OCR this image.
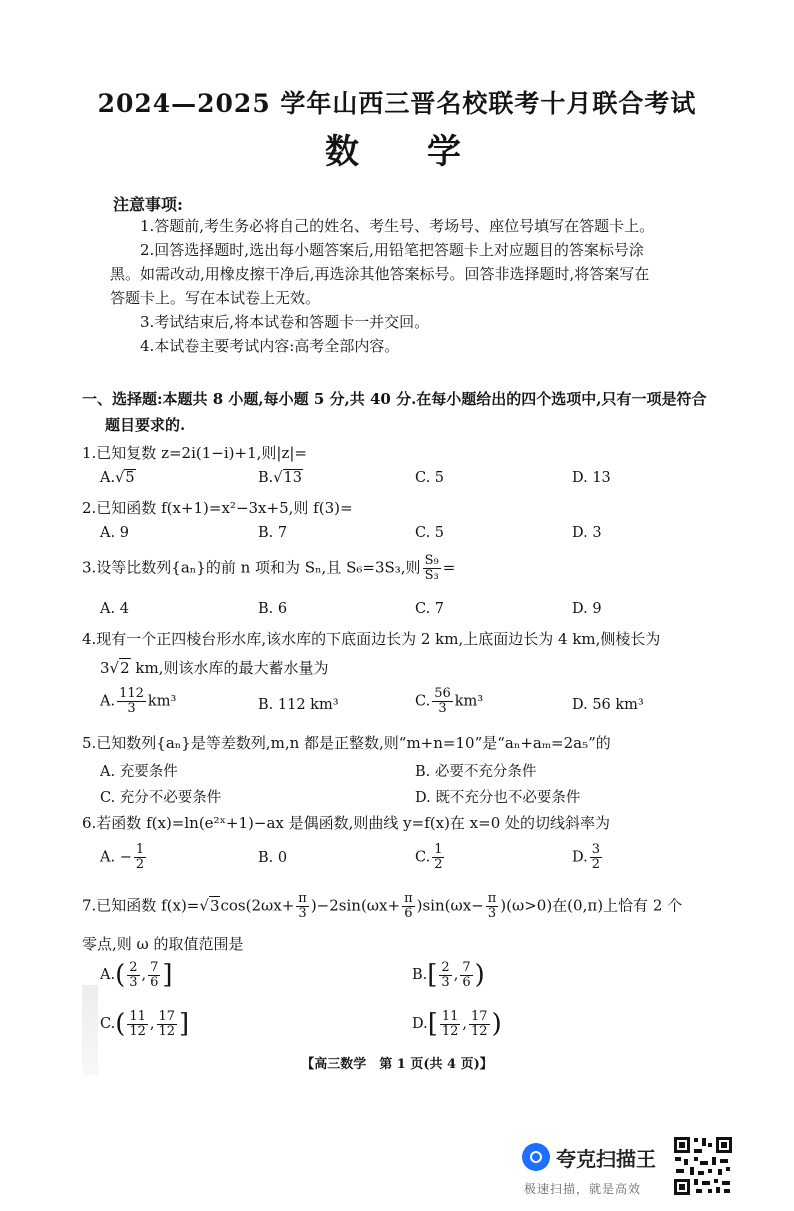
2024—2025 学年山西三晋名校联考十月联合考试
数学
注意事项:
1.答题前,考生务必将自己的姓名、考生号、考场号、座位号填写在答题卡上。
2.回答选择题时,选出每小题答案后,用铅笔把答题卡上对应题目的答案标号涂
黑。如需改动,用橡皮擦干净后,再选涂其他答案标号。回答非选择题时,将答案写在
答题卡上。写在本试卷上无效。
3.考试结束后,将本试卷和答题卡一并交回。
4.本试卷主要考试内容:高考全部内容。
一、选择题:本题共 8 小题,每小题 5 分,共 40 分.在每小题给出的四个选项中,只有一项是符合
题目要求的.
1.已知复数 z=2i(1−i)+1,则|z|=
A.√5	B.√13	C. 5	D. 13
2.已知函数 f(x+1)=x²−3x+5,则 f(3)=
A. 9	B. 7	C. 5	D. 3
3.设等比数列{aₙ}的前 n 项和为 Sₙ,且 S₆=3S₃,则 $\frac{\text{S₉}}{\text{S₃}}$ =
A. 4	B. 6	C. 7	D. 9
4.现有一个正四棱台形水库,该水库的下底面边长为 2 km,上底面边长为 4 km,侧棱长为
3√2 km,则该水库的最大蓄水量为
A. $\frac{112}{3} km^3$	B. 112 km³	C. $\frac{56}{3} km^3$	D. 56 km³
5.已知数列{aₙ}是等差数列,m,n 都是正整数,则“m+n=10”是“aₙ+aₘ=2a₅”的
A. 充要条件	B. 必要不充分条件
C. 充分不必要条件	D. 既不充分也不必要条件
6.若函数 f(x)=ln(e²ˣ+1)−ax 是偶函数,则曲线 y=f(x)在 x=0 处的切线斜率为
A. − $\frac{1}{2}$	B. 0	C. $\frac{1}{2}$	D. $\frac{3}{2}$
7.已知函数 $f(x)=√3\cos(2\omega x+ \frac{\pi}{3} )-2\sin(\omega x+ \frac{\pi}{6} )\sin(\omega x- \frac{\pi}{3} )(\omega>0)$在(0,π)上恰有 2 个
零点,则 ω 的取值范围是
$A.( \frac{2}{3}$ , $\frac{7}{6}$ ]	$B.[ \frac{2}{3}$ , $\frac{7}{6}$ )
$C.( \frac{11}{12}$ , $\frac{17}{12}$ ]	$D.[ \frac{11}{12}$ , $\frac{17}{12}$ )
【高三数学　第 1 页(共 4 页)】
夸克扫描王
极速扫描，就是高效
